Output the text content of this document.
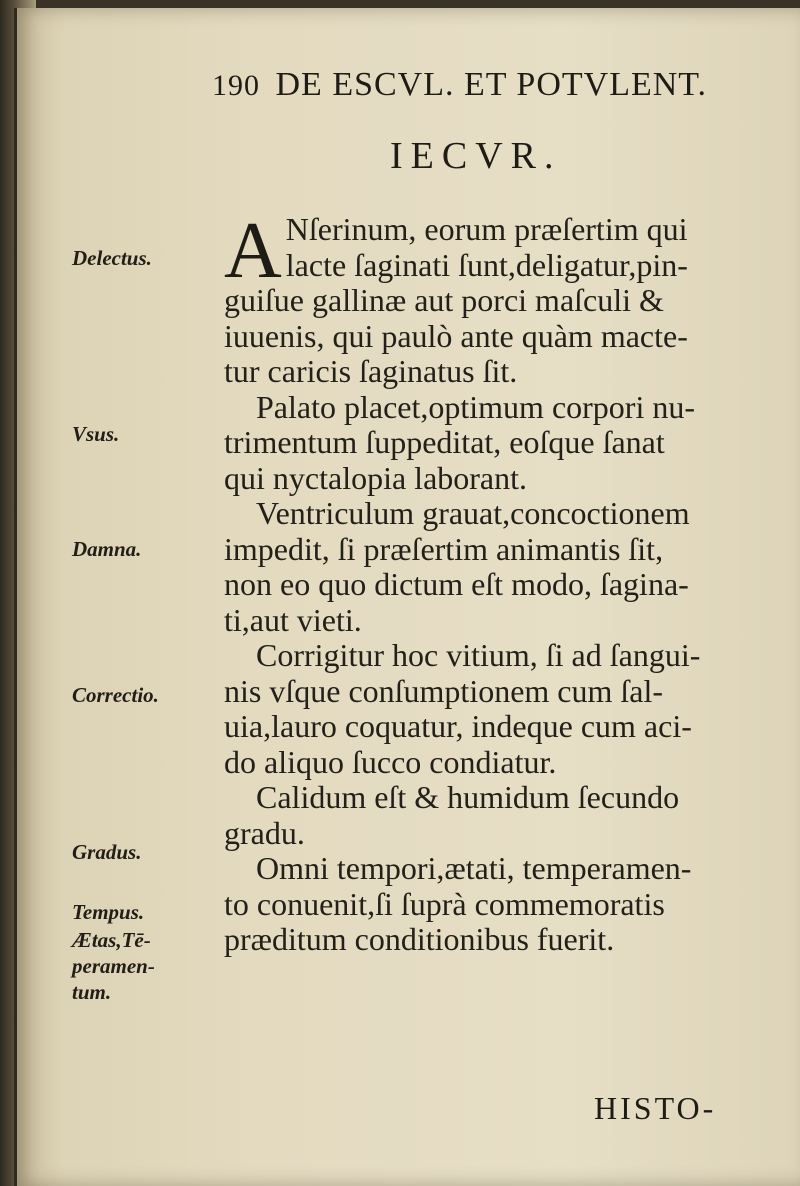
190 DE ESCVL. ET POTVLENT.
IECVR.
Delectus.
Vsus.
Damna.
Correctio.
Gradus.
Tempus.
Ætas,Tē-
peramen-
tum.
A Nſerinum, eorum præſertim qui
lacte ſaginati ſunt,deligatur,pin-
guiſue gallinæ aut porci maſculi &
iuuenis, qui paulò ante quàm macte-
tur caricis ſaginatus ſit.
Palato placet,optimum corpori nu-
trimentum ſuppeditat, eoſque ſanat
qui nyctalopia laborant.
Ventriculum grauat,concoctionem
impedit, ſi præſertim animantis ſit,
non eo quo dictum eſt modo, ſagina-
ti,aut vieti.
Corrigitur hoc vitium, ſi ad ſangui-
nis vſque conſumptionem cum ſal-
uia,lauro coquatur, indeque cum aci-
do aliquo ſucco condiatur.
Calidum eſt & humidum ſecundo
gradu.
Omni tempori,ætati, temperamen-
to conuenit,ſi ſuprà commemoratis
præditum conditionibus fuerit.
HISTO-
